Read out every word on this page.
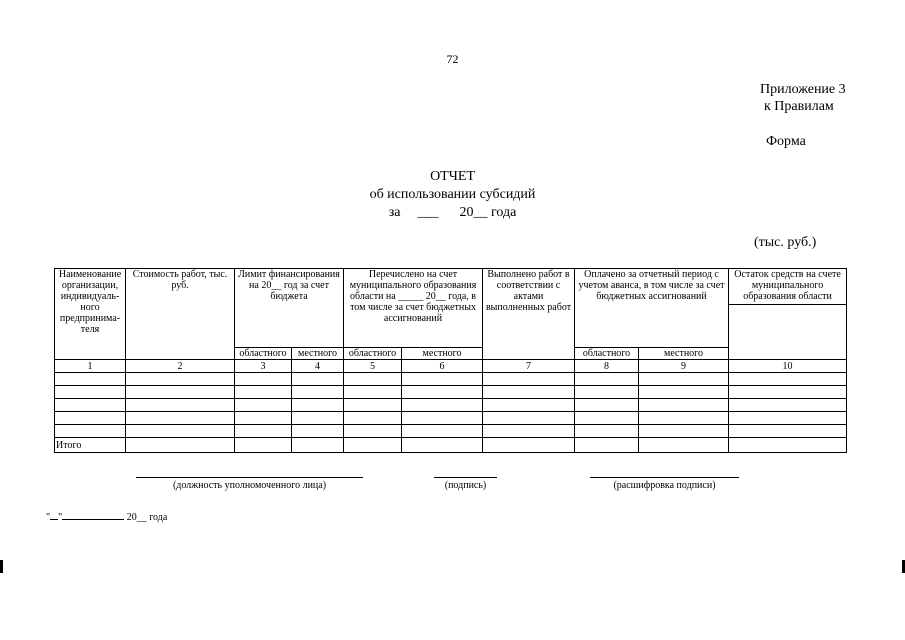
72
Приложение 3
к Правилам
Форма
ОТЧЕТ
об использовании субсидий
за ___ 20__ года
(тыс. руб.)
Наименование организации, индивидуаль-ного предпринима-теля	Стоимость работ, тыс. руб.	Лимит финансирования на 20__ год за счет бюджета		Перечислено на счет муниципального образования области на _____ 20__ года, в том числе за счет бюджетных ассигнований		Выполнено работ в соответствии с актами выполненных работ	Оплачено за отчетный период с учетом аванса, в том числе за счет бюджетных ассигнований		Остаток средств на счете муниципального образования области

		областного	местного	областного	местного		областного	местного	
1	2	3	4	5	6	7	8	9	10

Итого									
(должность уполномоченного лица)	(подпись)	(расшифровка подписи)
" "	20__ года
